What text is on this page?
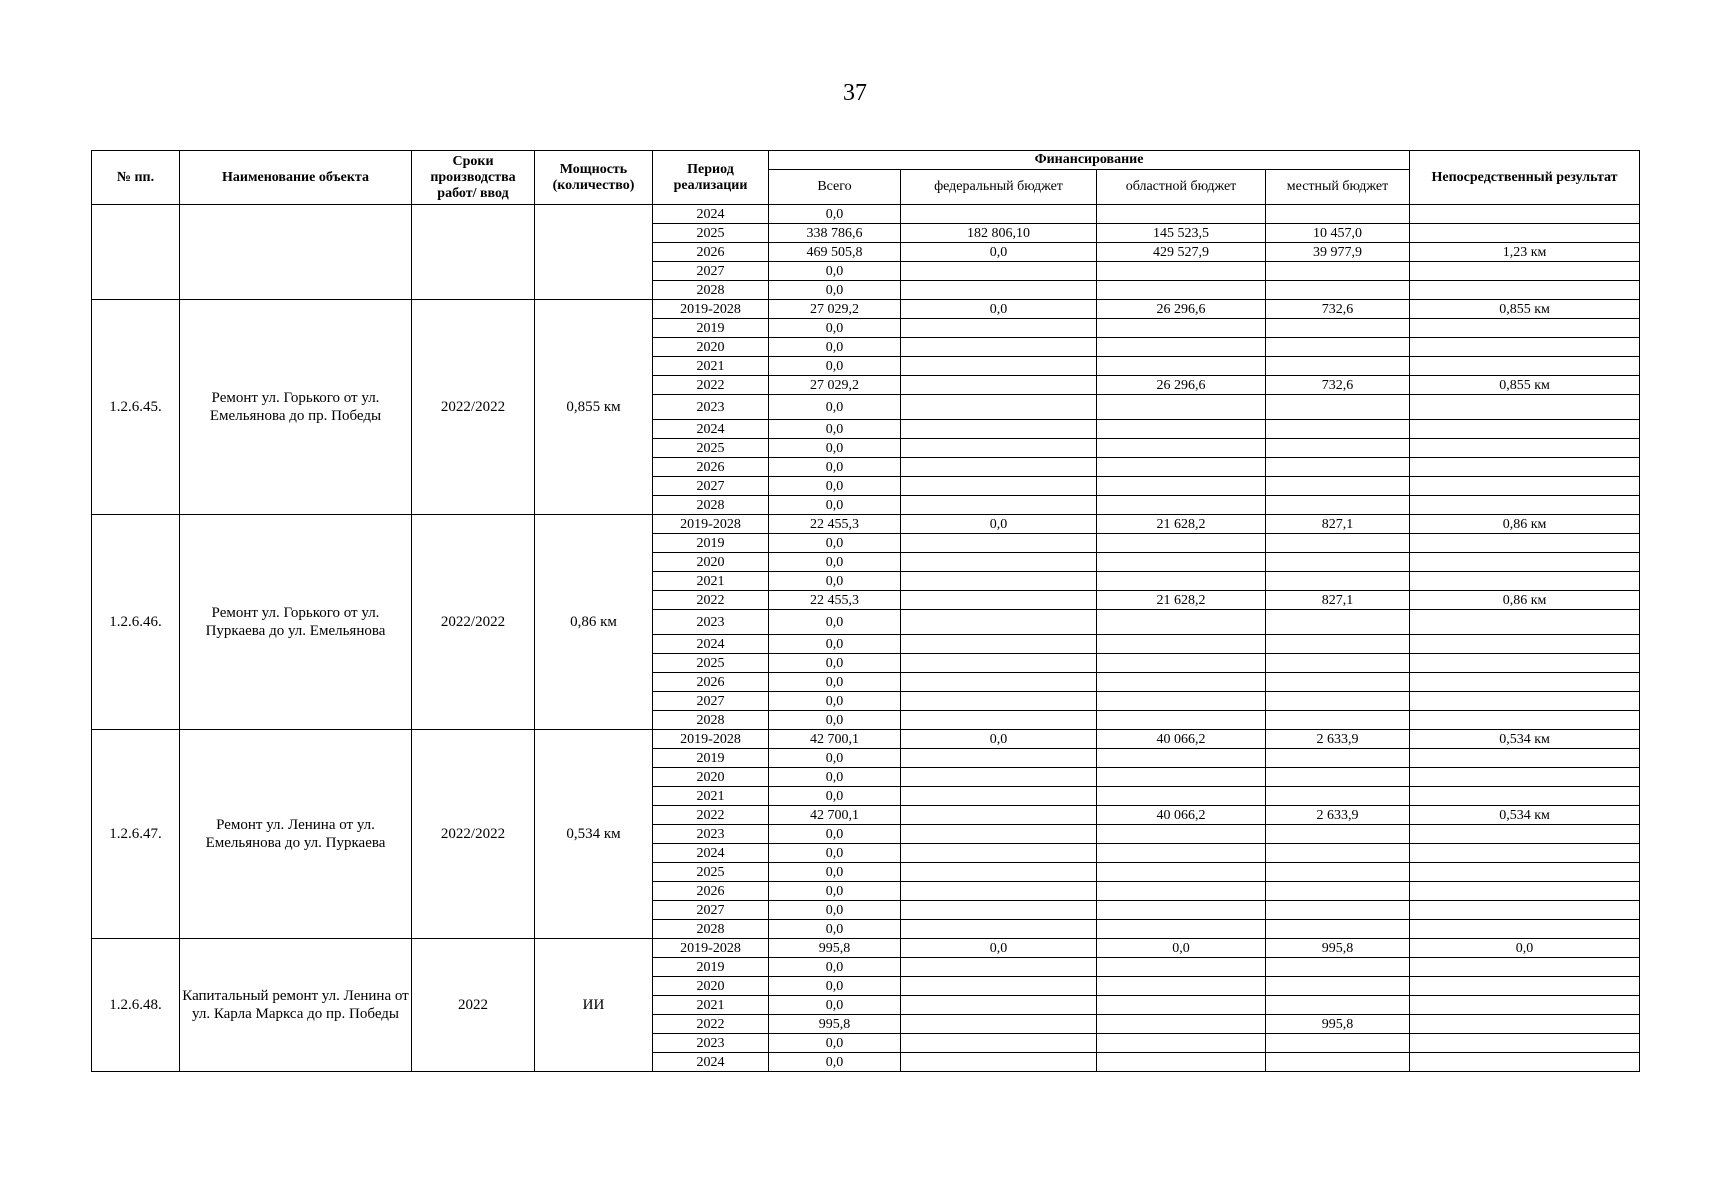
37
№ пп.	Наименование объекта	Сроки производства работ/ ввод	Мощность (количество)	Период реализации	Финансирование				Непосредственный результат
					Всего	федеральный бюджет	областной бюджет	местный бюджет	
				2024	0,0				
				2025	338 786,6	182 806,10	145 523,5	10 457,0	
				2026	469 505,8	0,0	429 527,9	39 977,9	1,23 км
				2027	0,0				
				2028	0,0				
1.2.6.45.	Ремонт ул. Горького от ул. Емельянова до пр. Победы	2022/2022	0,855 км	2019-2028	27 029,2	0,0	26 296,6	732,6	0,855 км
				2019	0,0				
				2020	0,0				
				2021	0,0				
				2022	27 029,2		26 296,6	732,6	0,855 км
				2023	0,0				
				2024	0,0				
				2025	0,0				
				2026	0,0				
				2027	0,0				
				2028	0,0				
1.2.6.46.	Ремонт ул. Горького от ул. Пуркаева до ул. Емельянова	2022/2022	0,86 км	2019-2028	22 455,3	0,0	21 628,2	827,1	0,86 км
				2019	0,0				
				2020	0,0				
				2021	0,0				
				2022	22 455,3		21 628,2	827,1	0,86 км
				2023	0,0				
				2024	0,0				
				2025	0,0				
				2026	0,0				
				2027	0,0				
				2028	0,0				
1.2.6.47.	Ремонт ул. Ленина от ул. Емельянова до ул. Пуркаева	2022/2022	0,534 км	2019-2028	42 700,1	0,0	40 066,2	2 633,9	0,534 км
				2019	0,0				
				2020	0,0				
				2021	0,0				
				2022	42 700,1		40 066,2	2 633,9	0,534 км
				2023	0,0				
				2024	0,0				
				2025	0,0				
				2026	0,0				
				2027	0,0				
				2028	0,0				
1.2.6.48.	Капитальный ремонт ул. Ленина от ул. Карла Маркса до пр. Победы	2022	ИИ	2019-2028	995,8	0,0	0,0	995,8	0,0
				2019	0,0				
				2020	0,0				
				2021	0,0				
				2022	995,8			995,8	
				2023	0,0				
				2024	0,0				
